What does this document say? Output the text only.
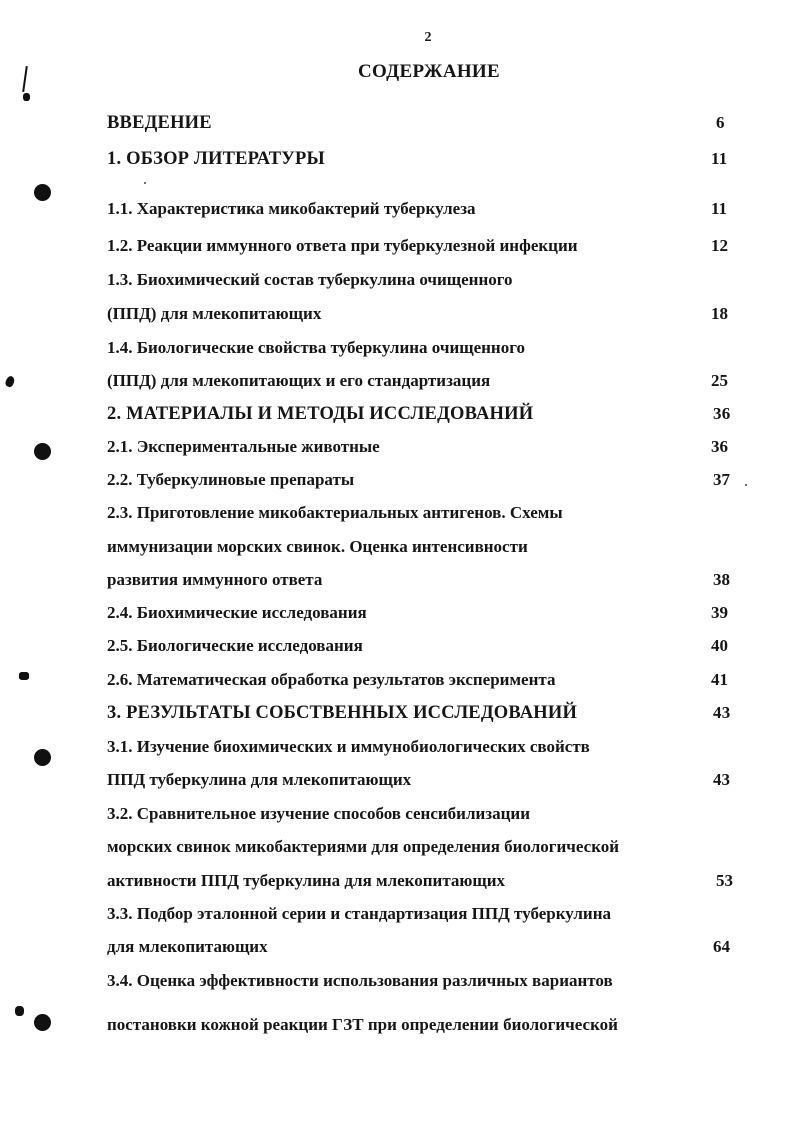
2
СОДЕРЖАНИЕ
ВВЕДЕНИЕ	6
1. ОБЗОР ЛИТЕРАТУРЫ	11
1.1. Характеристика микобактерий туберкулеза	11
1.2. Реакции иммунного ответа при туберкулезной инфекции	12
1.3. Биохимический состав туберкулина очищенного
(ППД) для млекопитающих	18
1.4. Биологические свойства туберкулина очищенного
(ППД) для млекопитающих и его стандартизация	25
2. МАТЕРИАЛЫ И МЕТОДЫ ИССЛЕДОВАНИЙ	36
2.1. Экспериментальные животные	36
2.2. Туберкулиновые препараты	37
2.3. Приготовление микобактериальных антигенов. Схемы
иммунизации морских свинок. Оценка интенсивности
развития иммунного ответа	38
2.4. Биохимические исследования	39
2.5. Биологические исследования	40
2.6. Математическая обработка результатов эксперимента	41
3. РЕЗУЛЬТАТЫ СОБСТВЕННЫХ ИССЛЕДОВАНИЙ	43
3.1. Изучение биохимических и иммунобиологических свойств
ППД туберкулина для млекопитающих	43
3.2. Сравнительное изучение способов сенсибилизации
морских свинок микобактериями для определения биологической
активности ППД туберкулина для млекопитающих	53
3.3. Подбор эталонной серии и стандартизация ППД туберкулина
для млекопитающих	64
3.4. Оценка эффективности использования различных вариантов
постановки кожной реакции ГЗТ при определении биологической
